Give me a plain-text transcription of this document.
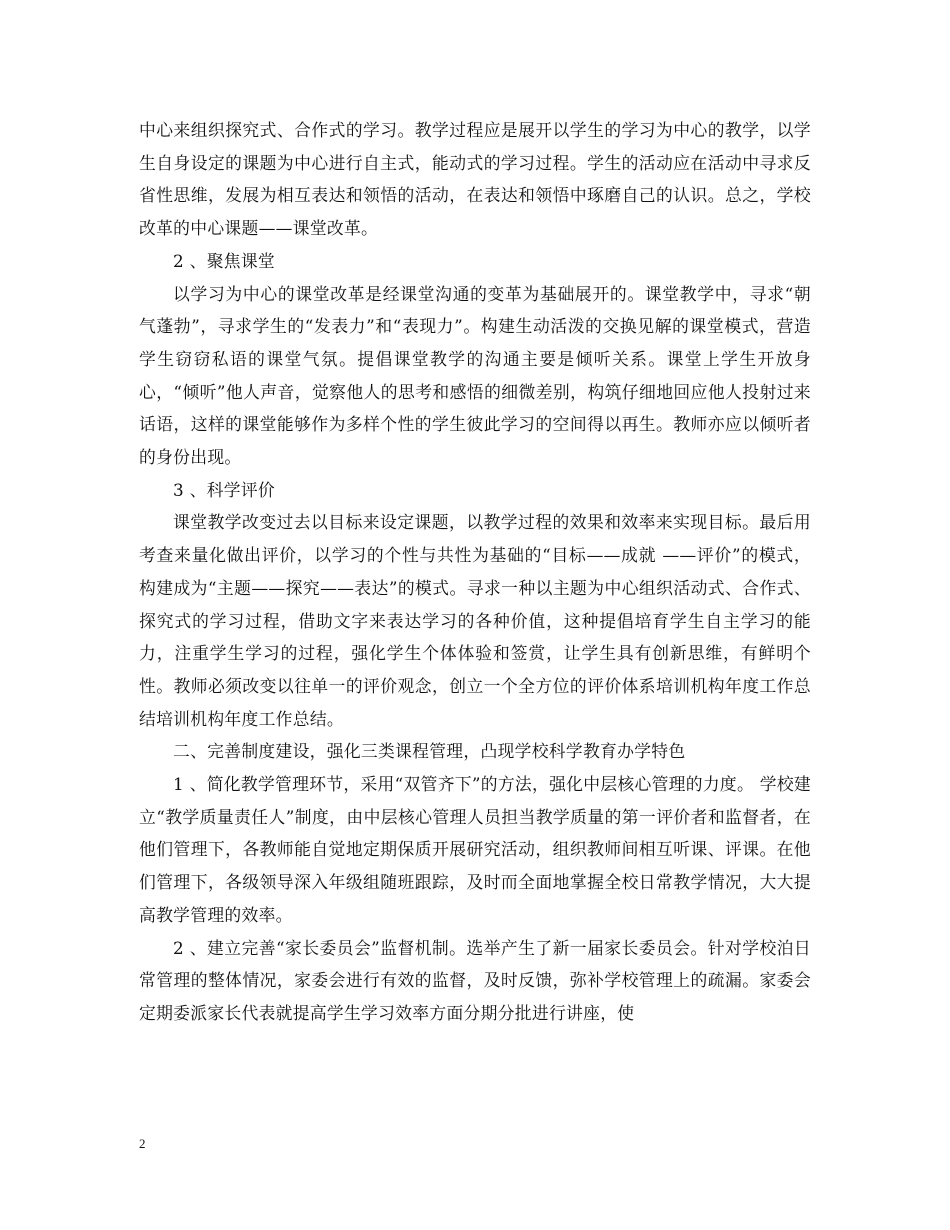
中心来组织探究式、合作式的学习。教学过程应是展开以学生的学习为中心的教学，以学生自身设定的课题为中心进行自主式，能动式的学习过程。学生的活动应在活动中寻求反省性思维，发展为相互表达和领悟的活动，在表达和领悟中琢磨自己的认识。总之，学校改革的中心课题——课堂改革。

2 、聚焦课堂

以学习为中心的课堂改革是经课堂沟通的变革为基础展开的。课堂教学中，寻求“朝气蓬勃”，寻求学生的“发表力”和“表现力”。构建生动活泼的交换见解的课堂模式，营造学生窃窃私语的课堂气氛。提倡课堂教学的沟通主要是倾听关系。课堂上学生开放身心，“倾听”他人声音，觉察他人的思考和感悟的细微差别，构筑仔细地回应他人投射过来话语，这样的课堂能够作为多样个性的学生彼此学习的空间得以再生。教师亦应以倾听者的身份出现。

3 、科学评价

课堂教学改变过去以目标来设定课题，以教学过程的效果和效率来实现目标。最后用考查来量化做出评价，以学习的个性与共性为基础的“目标——成就 ——评价”的模式，构建成为“主题——探究——表达”的模式。寻求一种以主题为中心组织活动式、合作式、探究式的学习过程，借助文字来表达学习的各种价值，这种提倡培育学生自主学习的能力，注重学生学习的过程，强化学生个体体验和签赏，让学生具有创新思维，有鲜明个性。教师必须改变以往单一的评价观念，创立一个全方位的评价体系培训机构年度工作总结培训机构年度工作总结。

二、完善制度建设，强化三类课程管理，凸现学校科学教育办学特色

1 、简化教学管理环节，采用“双管齐下”的方法，强化中层核心管理的力度。 学校建立“教学质量责任人”制度，由中层核心管理人员担当教学质量的第一评价者和监督者，在他们管理下，各教师能自觉地定期保质开展研究活动，组织教师间相互听课、评课。在他们管理下，各级领导深入年级组随班跟踪，及时而全面地掌握全校日常教学情况，大大提高教学管理的效率。

2 、建立完善“家长委员会”监督机制。选举产生了新一届家长委员会。针对学校泊日常管理的整体情况，家委会进行有效的监督，及时反馈，弥补学校管理上的疏漏。家委会定期委派家长代表就提高学生学习效率方面分期分批进行讲座，使

2
